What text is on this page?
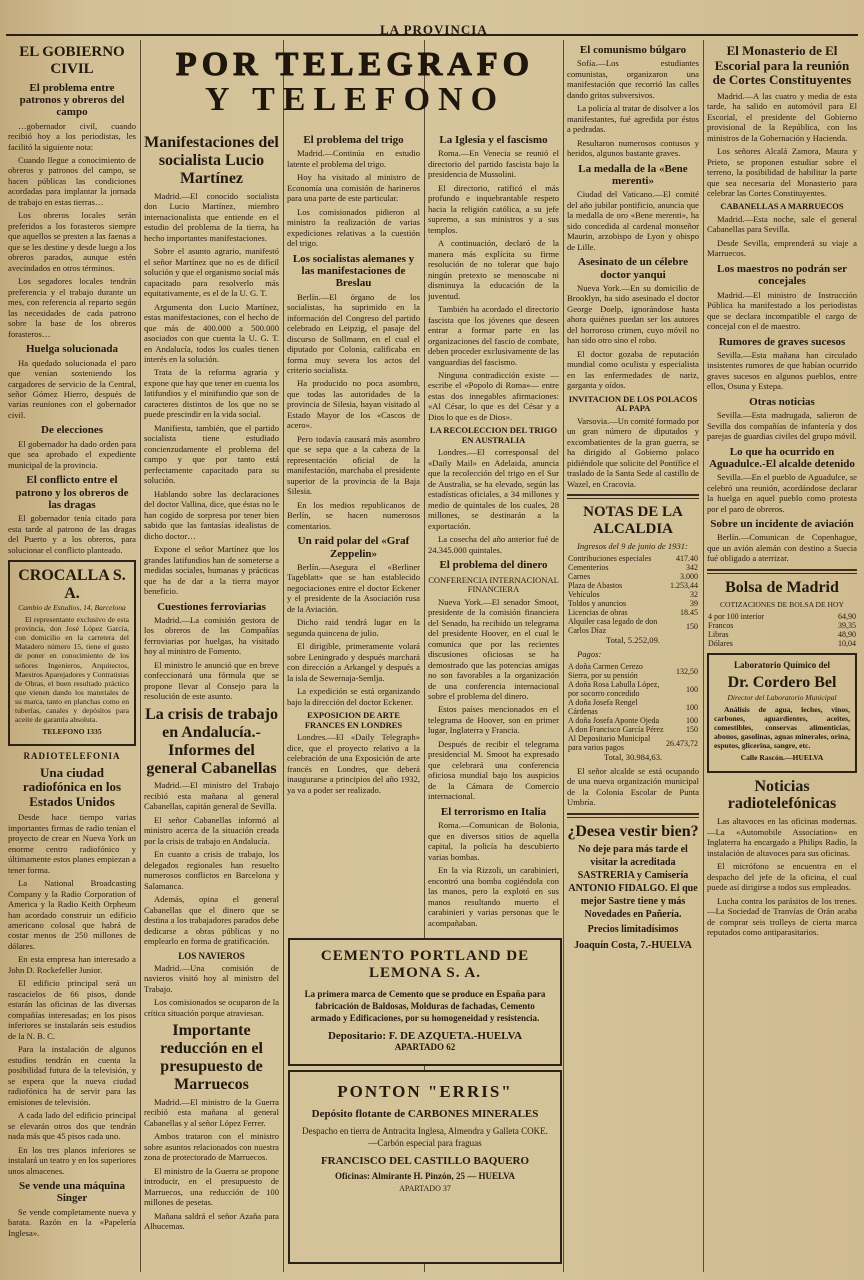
LA PROVINCIA
POR TELEGRAFO
Y TELEFONO
EL GOBIERNO CIVIL
El problema entre patronos y obreros del campo

…gobernador civil, cuando recibió hoy a los periodistas, les facilitó la siguiente nota:

Cuando llegue a conocimiento de obreros y patronos del campo, se hacen públicas las condiciones acordadas para implantar la jornada de trabajo en estas tierras…

Los obreros locales serán preferidos a los forasteros siempre que aquellos se presten a las faenas a que se les destine y desde luego a los obreros parados, aunque estén avecindados en otros términos.

Los segadores locales tendrán preferencia y el trabajo durante un mes, con referencia al reparto según las necesidades de cada patrono sobre la base de los obreros forasteros…

Huelga solucionada

Ha quedado solucionada el paro que venían sosteniendo los cargadores de servicio de la Central, señor Gómez Hierro, después de varias reuniones con el gobernador civil.

De elecciones

El gobernador ha dado orden para que sea aprobado el expediente municipal de la provincia.

El conflicto entre el patrono y los obreros de las dragas

El gobernador tenía citado para esta tarde al patrono de las dragas del Puerto y a los obreros, para solucionar el conflicto planteado.

CROCALLA S. A.

Cambio de Estudios, 14, Barcelona

El representante exclusivo de esta provincia, don José López García, con domicilio en la carretera del Matadero número 15, tiene el gusto de poner en conocimiento de los señores Ingenieros, Arquitectos, Maestros Aparejadores y Contratistas de Obras, el buen resultado práctico que vienen dando los materiales de su marca, tanto en planchas como en tuberías, canales y depósitos para aceite de garantía absoluta.

TELEFONO 1335

RADIOTELEFONIA
Una ciudad radiofónica en los Estados Unidos

Desde hace tiempo varias importantes firmas de radio tenían el proyecto de crear en Nueva York un enorme centro radiofónico y últimamente estos planes empiezan a tener forma.

La National Broadcasting Company y la Radio Corporation of America y la Radio Keith Orpheum han acordado construir un edificio americano colosal que habrá de costar menos de 250 millones de dólares.

En esta empresa han interesado a John D. Rockefeller Junior.

El edificio principal será un rascacielos de 66 pisos, donde estarán las oficinas de las diversas compañías interesadas; en los pisos inferiores se instalarán seis estudios de la N. B. C.

Para la instalación de algunos estudios tendrán en cuenta la posibilidad futura de la televisión, y se espera que la nueva ciudad radiofónica ha de servir para las emisiones de televisión.

A cada lado del edificio principal se elevarán otros dos que tendrán nada más que 45 pisos cada uno.

En los tres planos inferiores se instalará un teatro y en los superiores unos almacenes.

Se vende una máquina Singer

Se vende completamente nueva y barata. Razón en la «Papelería Inglesa».

Manifestaciones del socialista Lucio Martínez

Madrid.—El conocido socialista don Lucio Martínez, miembro internacionalista que entiende en el estudio del problema de la tierra, ha hecho importantes manifestaciones.

Sobre el asunto agrario, manifestó el señor Martínez que no es de difícil solución y que el organismo social más capacitado para resolverlo más equitativamente, es el de la U. G. T.

Argumenta don Lucio Martínez, estas manifestaciones, con el hecho de que más de 400.000 a 500.000 asociados con que cuenta la U. G. T. en Andalucía, todos los cuales tienen interés en la solución.

Trata de la reforma agraria y expone que hay que tener en cuenta los latifundios y el minifundio que son de caracteres distintos de los que no se puede prescindir en la vida social.

Manifiesta, también, que el partido socialista tiene estudiado concienzudamente el problema del campo y que por tanto está perfectamente capacitado para su solución.

Hablando sobre las declaraciones del doctor Vallina, dice, que éstas no le han cogido de sorpresa por tener bien sabido que las fantasías idealistas de dicho doctor…

Expone el señor Martínez que los grandes latifundios han de someterse a medidas sociales, humanas y prácticas que ha de dar a la tierra mayor beneficio.

Cuestiones ferroviarias

Madrid.—La comisión gestora de los obreros de las Compañías ferroviarias por huelgas, ha visitado hoy al ministro de Fomento.

El ministro le anunció que en breve confeccionará una fórmula que se propone llevar al Consejo para la resolución de este asunto.

La crisis de trabajo en Andalucía.-Informes del general Cabanellas

Madrid.—El ministro del Trabajo recibió esta mañana al general Cabanellas, capitán general de Sevilla.

El señor Cabanellas informó al ministro acerca de la situación creada por la crisis de trabajo en Andalucía.

En cuanto a crisis de trabajo, los delegados regionales han resuelto numerosos conflictos en Barcelona y Salamanca.

Además, opina el general Cabanellas que el dinero que se destina a los trabajadores parados debe dedicarse a obras públicas y no emplearlo en forma de gratificación.

LOS NAVIEROS

Madrid.—Una comisión de navieros visitó hoy al ministro del Trabajo.

Los comisionados se ocuparon de la crítica situación porque atraviesan.

Importante reducción en el presupuesto de Marruecos

Madrid.—El ministro de la Guerra recibió esta mañana al general Cabanellas y al señor López Ferrer.

Ambos trataron con el ministro sobre asuntos relacionados con nuestra zona de protectorado de Marruecos.

El ministro de la Guerra se propone introducir, en el presupuesto de Marruecos, una reducción de 100 millones de pesetas.

Mañana saldrá el señor Azaña para Alhucemas.

El problema del trigo

Madrid.—Continúa en estudio latente el problema del trigo.

Hoy ha visitado al ministro de Economía una comisión de harineros para una parte de este particular.

Los comisionados pidieron al ministro la realización de varias expediciones relativas a la cuestión del trigo.

Los socialistas alemanes y las manifestaciones de Breslau

Berlín.—El órgano de los socialistas, ha suprimido en la información del Congreso del partido celebrado en Leipzig, el pasaje del discurso de Sollmann, en el cual el diputado por Colonia, calificaba en forma muy severa los actos del criterio socialista.

Ha producido no poca asombro, que todas las autoridades de la provincia de Silesia, hayan visitado al Estado Mayor de los «Cascos de acero».

Pero todavía causará más asombro que se sepa que a la cabeza de la representación oficial de la manifestación, marchaba el presidente superior de la provincia de la Baja Silesia.

En los medios republicanos de Berlín, se hacen numerosos comentarios.

Un raid polar del «Graf Zeppelin»

Berlín.—Asegura el «Berliner Tageblatt» que se han establecido negociaciones entre el doctor Eckener y el presidente de la Asociación rusa de la Aviación.

Dicho raid tendrá lugar en la segunda quincena de julio.

El dirigible, primeramente volará sobre Leningrado y después marchará con dirección a Arkangel y después a la isla de Sewernaja-Semlja.

La expedición se está organizando bajo la dirección del doctor Eckener.

EXPOSICION DE ARTE FRANCES EN LONDRES

Londres.—El «Daily Telegraph» dice, que el proyecto relativo a la celebración de una Exposición de arte francés en Londres, que deberá inaugurarse a principios del año 1932, ya va a poder ser realizado.

La Iglesia y el fascismo

Roma.—En Venecia se reunió el directorio del partido fascista bajo la presidencia de Mussolini.

El directorio, ratificó el más profundo e inquebrantable respeto hacia la religión católica, a su jefe supremo, a sus ministros y a sus templos.

A continuación, declaró de la manera más explícita su firme resolución de no tolerar que bajo ningún pretexto se menoscabe ni disminuya la educación de la juventud.

También ha acordado el directorio fascista que los jóvenes que deseen entrar a formar parte en las organizaciones del fascio de combate, deben proceder exclusivamente de las vanguardias del fascismo.

Ninguna contradicción existe —escribe el «Popolo di Roma»— entre estas dos innegables afirmaciones: «Al César, lo que es del César y a Dios lo que es de Dios».

LA RECOLECCION DEL TRIGO EN AUSTRALIA

Londres.—El corresponsal del «Daily Mail» en Adelaida, anuncia que la recolección del trigo en el Sur de Australia, se ha elevado, según las estadísticas oficiales, a 34 millones y medio de quintales de los cuales, 28 millones, se destinarán a la exportación.

La cosecha del año anterior fué de 24.345.000 quintales.

El problema del dinero
CONFERENCIA INTERNACIONAL FINANCIERA

Nueva York.—El senador Smoot, presidente de la comisión financiera del Senado, ha recibido un telegrama del presidente Hoover, en el cual le comunica que por las recientes discusiones oficiosas se ha demostrado que las potencias amigas no son favorables a la organización de una conferencia internacional sobre el problema del dinero.

Estos países mencionados en el telegrama de Hoover, son en primer lugar, Inglaterra y Francia.

Después de recibir el telegrama presidencial M. Smoot ha expresado que celebrará una conferencia oficiosa mundial bajo los auspicios de la Cámara de Comercio internacional.

El terrorismo en Italia

Roma.—Comunican de Bolonia, que en diversos sitios de aquella capital, la policía ha descubierto varias bombas.

En la vía Rizzoli, un carabinieri, encontró una bomba cogiéndola con las manos, pero la explotó en sus manos resultando muerto el carabinieri y varias personas que le acompañaban.

CEMENTO PORTLAND DE LEMONA S. A.
La primera marca de Cemento que se produce en España para fabricación de Baldosas, Molduras de fachadas, Cemento armado y Edificaciones, por su homogeneidad y resistencia.
Depositario: F. DE AZQUETA.-HUELVA
APARTADO 62
PONTON "ERRIS"
Depósito flotante de CARBONES MINERALES
Despacho en tierra de Antracita Inglesa, Almendra y Galleta COKE.—Carbón especial para fraguas
FRANCISCO DEL CASTILLO BAQUERO
Oficinas: Almirante H. Pinzón, 25 — HUELVA
APARTADO 37
El comunismo búlgaro

Sofía.—Los estudiantes comunistas, organizaron una manifestación que recorrió las calles dando gritos subversivos.

La policía al tratar de disolver a los manifestantes, fué agredida por éstos a pedradas.

Resultaron numerosos contusos y heridos, algunos bastante graves.

La medalla de la «Bene merenti»

Ciudad del Vaticano.—El comité del año jubilar pontificio, anuncia que la medalla de oro «Bene merenti», ha sido concedida al cardenal monseñor Maurin, arzobispo de Lyon y obispo de Lille.

Asesinato de un célebre doctor yanqui

Nueva York.—En su domicilio de Brooklyn, ha sido asesinado el doctor George Doelp, ignorándose hasta ahora quiénes puedan ser los autores del horroroso crimen, cuyo móvil no han sido otro sino el robo.

El doctor gozaba de reputación mundial como oculista y especialista en las enfermedades de nariz, garganta y oídos.

INVITACION DE LOS POLACOS AL PAPA

Varsovia.—Un comité formado por un gran número de diputados y excombatientes de la gran guerra, se ha dirigido al Gobierno polaco pidiéndole que solicite del Pontífice el traslado de la Santa Sede al castillo de Wazel, en Cracovia.

NOTAS DE LA ALCALDIA

Ingresos del 9 de junio de 1931:

Contribuciones especiales	417.40
Cementerios	342
Carnes	3.000
Plaza de Abastos	1.253,44
Vehículos	32
Toldos y anuncios	39
Licencias de obras	18.45
Alquiler casa legado de don Carlos Díaz	150

Total, 5.252,09.

Pagos:

A doña Carmen Cerezo Sierra, por su pensión	132,50
A doña Rosa Labulla López, por socorro concedido	100
A doña Josefa Rengel Cárdenas	100
A doña Josefa Aponte Ojeda	100
A don Francisco García Pérez	150
Al Depositario Municipal para varios pagos	26.473,72

Total, 30.984,63.

El señor alcalde se está ocupando de una nueva organización municipal de la Colonia Escolar de Punta Umbría.

¿Desea vestir bien?

No deje para más tarde el visitar la acreditada SASTRERIA y Camisería ANTONIO FIDALGO. El que mejor Sastre tiene y más Novedades en Pañería.

Precios limitadísimos

Joaquín Costa, 7.-HUELVA

El Monasterio de El Escorial para la reunión de Cortes Constituyentes

Madrid.—A las cuatro y media de esta tarde, ha salido en automóvil para El Escorial, el presidente del Gobierno provisional de la República, con los ministros de la Gobernación y Hacienda.

Los señores Alcalá Zamora, Maura y Prieto, se proponen estudiar sobre el terreno, la posibilidad de habilitar la parte que sea necesaria del Monasterio para celebrar las Cortes Constituyentes.

CABANELLAS A MARRUECOS

Madrid.—Esta noche, sale el general Cabanellas para Sevilla.

Desde Sevilla, emprenderá su viaje a Marruecos.

Los maestros no podrán ser concejales

Madrid.—El ministro de Instrucción Pública ha manifestado a los periodistas que se declara incompatible el cargo de concejal con el de maestro.

Rumores de graves sucesos

Sevilla.—Esta mañana han circulado insistentes rumores de que habían ocurrido graves sucesos en algunos pueblos, entre ellos, Osuna y Estepa.

Otras noticias

Sevilla.—Esta madrugada, salieron de Sevilla dos compañías de infantería y dos parejas de guardias civiles del grupo móvil.

Lo que ha ocurrido en Aguadulce.-El alcalde detenido

Sevilla.—En el pueblo de Aguadulce, se celebró una reunión, acordándose declarar la huelga en aquel pueblo como protesta por el paro de obreros.

Sobre un incidente de aviación

Berlín.—Comunican de Copenhague, que un avión alemán con destino a Suecia fué obligado a aterrizar.

Bolsa de Madrid

COTIZACIONES DE BOLSA DE HOY

4 por 100 interior	64,90
Francos	39,35
Libras	48,90
Dólares	10,04

Laboratorio Químico del

Dr. Cordero Bel

Director del Laboratorio Municipal

Análisis de agua, leches, vinos, carbones, aguardientes, aceites, comestibles, conservas alimenticias, abonos, gasolinas, aguas minerales, orina, esputos, glicerina, sangre, etc.

Calle Rascón.—HUELVA

Noticias radiotelefónicas

Las altavoces en las oficinas modernas.—La «Automobile Association» en Inglaterra ha encargado a Philips Radio, la instalación de altavoces para sus oficinas.

El micrófono se encuentra en el despacho del jefe de la oficina, el cual puede así dirigirse a todos sus empleados.

Lucha contra los parásitos de los trenes.—La Sociedad de Tranvías de Orán acaba de comprar seis trolleys de cierta marca reputados como antiparasitarios.
